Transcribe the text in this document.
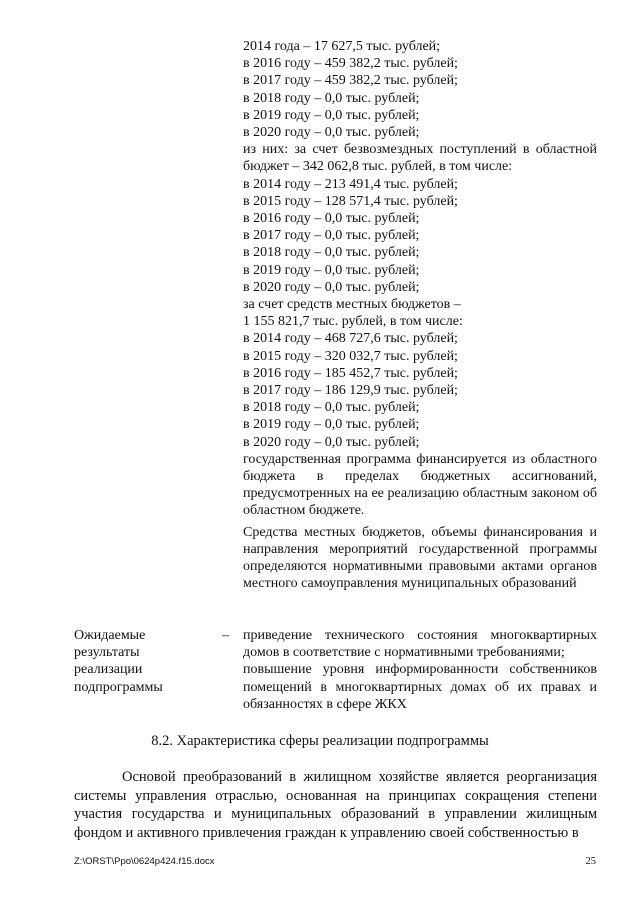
2014 года – 17 627,5 тыс. рублей;
в 2016 году – 459 382,2 тыс. рублей;
в 2017 году – 459 382,2 тыс. рублей;
в 2018 году – 0,0 тыс. рублей;
в 2019 году – 0,0 тыс. рублей;
в 2020 году – 0,0 тыс. рублей;
из них: за счет безвозмездных поступлений в областной бюджет – 342 062,8 тыс. рублей, в том числе:
в 2014 году – 213 491,4 тыс. рублей;
в 2015 году – 128 571,4 тыс. рублей;
в 2016 году – 0,0 тыс. рублей;
в 2017 году – 0,0 тыс. рублей;
в 2018 году – 0,0 тыс. рублей;
в 2019 году – 0,0 тыс. рублей;
в 2020 году – 0,0 тыс. рублей;
за счет средств местных бюджетов –
1 155 821,7 тыс. рублей, в том числе:
в 2014 году – 468 727,6 тыс. рублей;
в 2015 году – 320 032,7 тыс. рублей;
в 2016 году – 185 452,7 тыс. рублей;
в 2017 году – 186 129,9 тыс. рублей;
в 2018 году – 0,0 тыс. рублей;
в 2019 году – 0,0 тыс. рублей;
в 2020 году – 0,0 тыс. рублей;
государственная программа финансируется из областного бюджета в пределах бюджетных ассигнований, предусмотренных на ее реализацию областным законом об областном бюджете.
Средства местных бюджетов, объемы финансирования и направления мероприятий государственной программы определяются нормативными правовыми актами органов местного самоуправления муниципальных образований
Ожидаемые результаты реализации подпрограммы
– приведение технического состояния многоквартирных домов в соответствие с нормативными требованиями;
повышение уровня информированности собственников помещений в многоквартирных домах об их правах и обязанностях в сфере ЖКХ
8.2. Характеристика сферы реализации подпрограммы
Основой преобразований в жилищном хозяйстве является реорганизация системы управления отраслью, основанная на принципах сокращения степени участия государства и муниципальных образований в управлении жилищным фондом и активного привлечения граждан к управлению своей собственностью в
Z:\ORST\Ppo\0624p424.f15.docx	25
